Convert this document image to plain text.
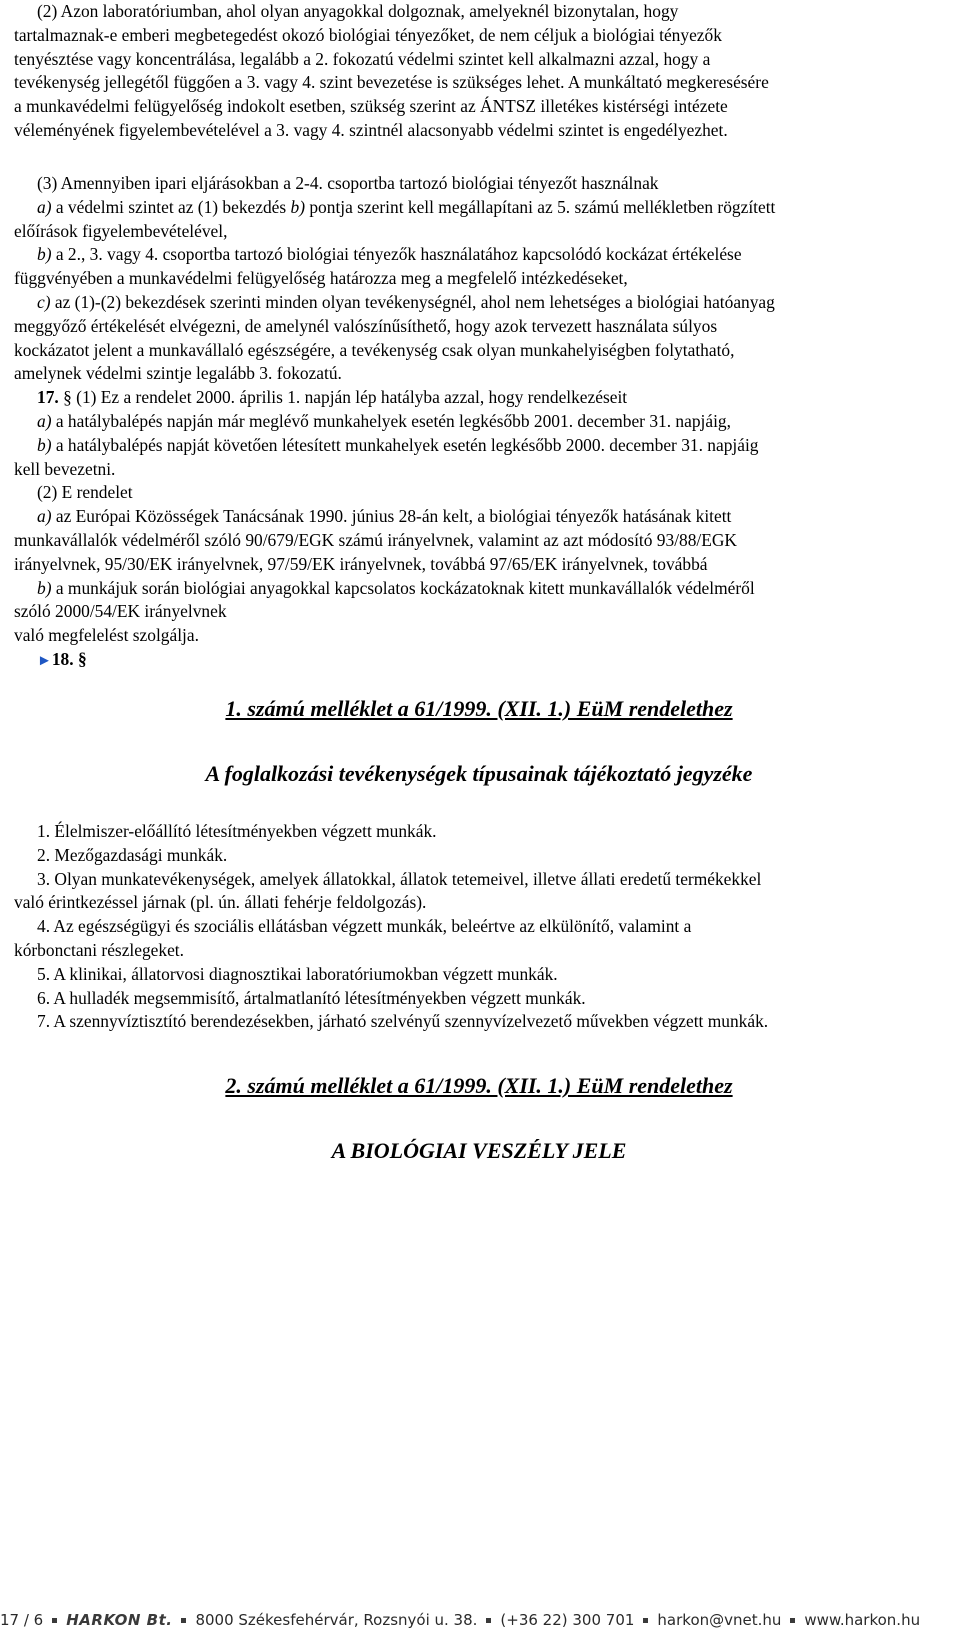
(2) Azon laboratóriumban, ahol olyan anyagokkal dolgoznak, amelyeknél bizonytalan, hogy

tartalmaznak-e emberi megbetegedést okozó biológiai tényezőket, de nem céljuk a biológiai tényezők

tenyésztése vagy koncentrálása, legalább a 2. fokozatú védelmi szintet kell alkalmazni azzal, hogy a

tevékenység jellegétől függően a 3. vagy 4. szint bevezetése is szükséges lehet. A munkáltató megkeresésére

a munkavédelmi felügyelőség indokolt esetben, szükség szerint az ÁNTSZ illetékes kistérségi intézete

véleményének figyelembevételével a 3. vagy 4. szintnél alacsonyabb védelmi szintet is engedélyezhet.

(3) Amennyiben ipari eljárásokban a 2-4. csoportba tartozó biológiai tényezőt használnak

a) a védelmi szintet az (1) bekezdés b) pontja szerint kell megállapítani az 5. számú mellékletben rögzített

előírások figyelembevételével,

b) a 2., 3. vagy 4. csoportba tartozó biológiai tényezők használatához kapcsolódó kockázat értékelése

függvényében a munkavédelmi felügyelőség határozza meg a megfelelő intézkedéseket,

c) az (1)-(2) bekezdések szerinti minden olyan tevékenységnél, ahol nem lehetséges a biológiai hatóanyag

meggyőző értékelését elvégezni, de amelynél valószínűsíthető, hogy azok tervezett használata súlyos

kockázatot jelent a munkavállaló egészségére, a tevékenység csak olyan munkahelyiségben folytatható,

amelynek védelmi szintje legalább 3. fokozatú.

17. § (1) Ez a rendelet 2000. április 1. napján lép hatályba azzal, hogy rendelkezéseit

a) a hatálybalépés napján már meglévő munkahelyek esetén legkésőbb 2001. december 31. napjáig,

b) a hatálybalépés napját követően létesített munkahelyek esetén legkésőbb 2000. december 31. napjáig

kell bevezetni.

(2) E rendelet

a) az Európai Közösségek Tanácsának 1990. június 28-án kelt, a biológiai tényezők hatásának kitett

munkavállalók védelméről szóló 90/679/EGK számú irányelvnek, valamint az azt módosító 93/88/EGK

irányelvnek, 95/30/EK irányelvnek, 97/59/EK irányelvnek, továbbá 97/65/EK irányelvnek, továbbá

b) a munkájuk során biológiai anyagokkal kapcsolatos kockázatoknak kitett munkavállalók védelméről

szóló 2000/54/EK irányelvnek

való megfelelést szolgálja.

►18. §

1. számú melléklet a 61/1999. (XII. 1.) EüM rendelethez
A foglalkozási tevékenységek típusainak tájékoztató jegyzéke

1. Élelmiszer-előállító létesítményekben végzett munkák.

2. Mezőgazdasági munkák.

3. Olyan munkatevékenységek, amelyek állatokkal, állatok tetemeivel, illetve állati eredetű termékekkel

való érintkezéssel járnak (pl. ún. állati fehérje feldolgozás).

4. Az egészségügyi és szociális ellátásban végzett munkák, beleértve az elkülönítő, valamint a

kórbonctani részlegeket.

5. A klinikai, állatorvosi diagnosztikai laboratóriumokban végzett munkák.

6. A hulladék megsemmisítő, ártalmatlanító létesítményekben végzett munkák.

7. A szennyvíztisztító berendezésekben, járható szelvényű szennyvízelvezető művekben végzett munkák.

2. számú melléklet a 61/1999. (XII. 1.) EüM rendelethez
A BIOLÓGIAI VESZÉLY JELE
17 / 6 HARKON Bt. 8000 Székesfehérvár, Rozsnyói u. 38. (+36 22) 300 701 harkon@vnet.hu www.harkon.hu
